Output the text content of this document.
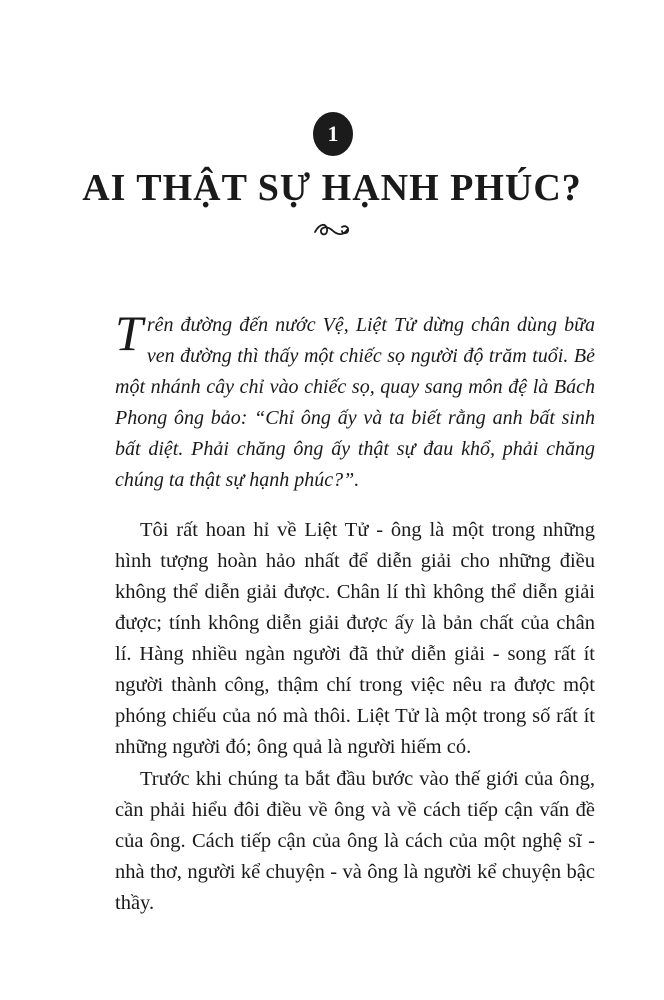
1
AI THẬT SỰ HẠNH PHÚC?

Trên đường đến nước Vệ, Liệt Tử dừng chân dùng bữa ven đường thì thấy một chiếc sọ người độ trăm tuổi. Bẻ một nhánh cây chỉ vào chiếc sọ, quay sang môn đệ là Bách Phong ông bảo: “Chỉ ông ấy và ta biết rằng anh bất sinh bất diệt. Phải chăng ông ấy thật sự đau khổ, phải chăng chúng ta thật sự hạnh phúc?”.

Tôi rất hoan hỉ về Liệt Tử - ông là một trong những hình tượng hoàn hảo nhất để diễn giải cho những điều không thể diễn giải được. Chân lí thì không thể diễn giải được; tính không diễn giải được ấy là bản chất của chân lí. Hàng nhiều ngàn người đã thử diễn giải - song rất ít người thành công, thậm chí trong việc nêu ra được một phóng chiếu của nó mà thôi. Liệt Tử là một trong số rất ít những người đó; ông quả là người hiếm có.

Trước khi chúng ta bắt đầu bước vào thế giới của ông, cần phải hiểu đôi điều về ông và về cách tiếp cận vấn đề của ông. Cách tiếp cận của ông là cách của một nghệ sĩ - nhà thơ, người kể chuyện - và ông là người kể chuyện bậc thầy.
